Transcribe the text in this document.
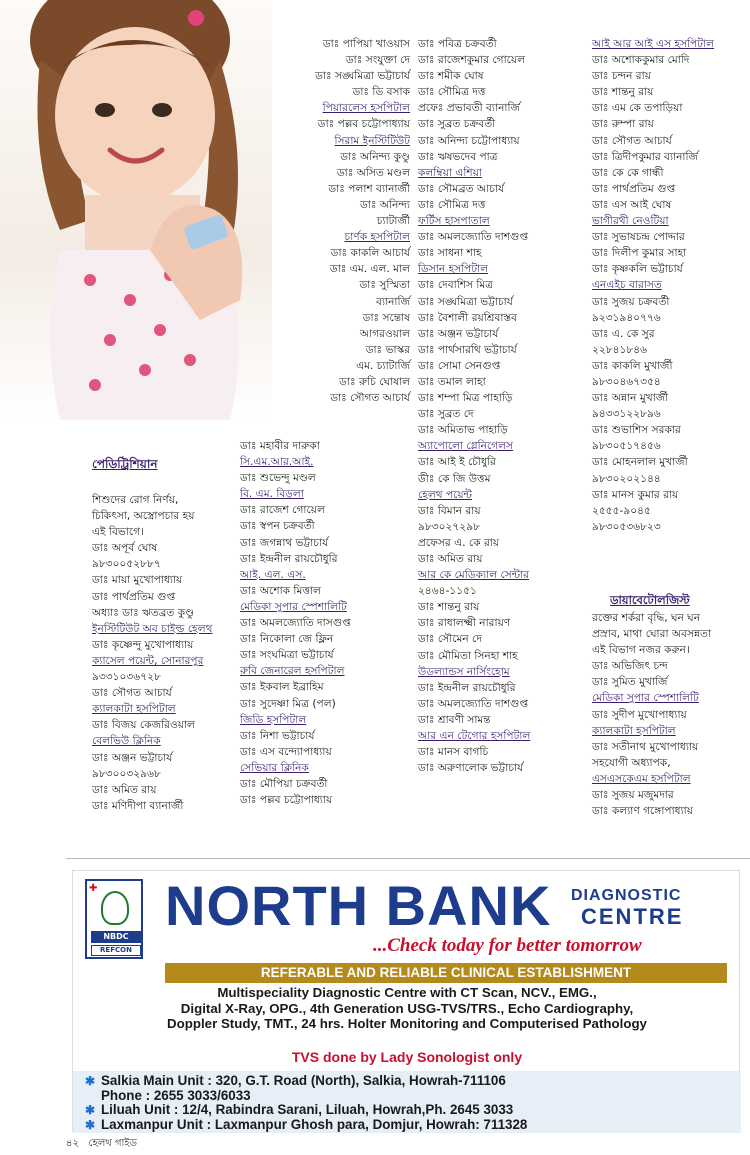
ডাঃ পাপিয়া খাওয়াস
ডাঃ সংযুক্তা দে
ডাঃ সঙ্ঘমিত্রা ভট্টাচার্য
ডাঃ ডি বসাক
পিয়ারলেস হসপিটাল
ডাঃ পল্লব চট্টোপাধ্যায়
সিরাম ইনস্টিটিউট
ডাঃ অনিন্দ্য কুণ্ডু
ডাঃ অসিত মণ্ডল
ডাঃ পলাশ ব্যানার্জী
ডাঃ অনিন্দ্য
চ্যাটার্জী
চার্ণক হসপিটাল
ডাঃ কাকলি আচার্য
ডাঃ এম. এল. মাল
ডাঃ সুস্মিতা
ব্যানার্জি
ডাঃ সন্তোষ
আগরওয়াল
ডাঃ ভাস্কর
এম. চ্যাটার্জি
ডাঃ রুচি ঘোষাল
ডাঃ সৌগত আচার্য
ডাঃ মহাবীর দারুকা
সি.এম.আর.আই.
ডাঃ শুভেন্দু মণ্ডল
বি. এম. বিড়লা
ডাঃ রাজেশ গোয়েল
ডাঃ স্বপন চক্রবর্তী
ডাঃ জগন্নাথ ভট্টাচার্য
ডাঃ ইন্দ্রনীল রায়চৌধুরি
আই. এল. এস.
ডাঃ অশোক মিত্তাল
মেডিকা সুপার স্পেশালিটি
ডাঃ অমলজ্যোতি দাসগুপ্ত
ডাঃ নিকোলা জে ফ্লিন
ডাঃ সংঘমিত্রা ভট্টাচার্য
রুবি জেনারেল হসপিটাল
ডাঃ ইকবাল ইব্রাহিম
ডাঃ সুদেষ্ণা মিত্র (পল)
জিডি হসপিটাল
ডাঃ নিশা ভট্টাচার্য
ডাঃ এস বন্দ্যোপাধ্যায়
সেভিয়ার ক্লিনিক
ডাঃ মৌপিয়া চক্রবর্তী
ডাঃ পল্লব চট্টোপাধ্যায়
ডাঃ পবিত্র চক্রবর্তী
ডাঃ রাজেশকুমার গোয়েল
ডাঃ শমীক ঘোষ
ডাঃ সৌমিত্র দত্ত
প্রফেঃ প্রভাবতী ব্যানার্জি
ডাঃ সুব্রত চক্রবর্তী
ডাঃ অনিন্দ্য চট্টোপাধ্যায়
ডাঃ ঋষভদেব পাত্র
কলম্বিয়া এশিয়া
ডাঃ সৌমব্রত আচার্য
ডাঃ সৌমিত্র দত্ত
ফর্টিস হাসপাতাল
ডাঃ অমলজ্যোতি দাশগুপ্ত
ডাঃ সাধনা শাহ
ডিসান হসপিটাল
ডাঃ দেবাশিস মিত্র
ডাঃ সঙ্ঘমিত্রা ভট্টাচার্য
ডাঃ বৈশালী রয়শ্রিবাস্তব
ডাঃ অঞ্জন ভট্টাচার্য
ডাঃ পার্থসারথি ভট্টাচার্য
ডাঃ সোমা সেনগুপ্ত
ডাঃ তমাল লাহা
ডাঃ শম্পা মিত্র পাহাড়ি
ডাঃ সুব্রত দে
ডাঃ অমিতাভ পাহাড়ি
অ্যাপোলো গ্লেনিগেলস
ডাঃ আই ই চৌধুরি
ডীঃ কে জি উত্তম
হেলথ পয়েন্ট
ডাঃ বিমান রায়
৯৮৩০২৭২৯৮
প্রফেসর এ. কে রায়
ডাঃ অমিত রায়
আর কে মেডিক্যাল সেন্টার
২৪৬৪-১১৫১
ডাঃ শান্তনু রায়
ডাঃ রাধালক্ষ্মী নারায়ণ
ডাঃ সৌমেন দে
ডাঃ মৌমিতা সিনহা শাহ
উডল্যান্ডস নার্সিংহোম
ডাঃ ইন্দ্রনীল রায়চৌধুরি
ডাঃ অমলজ্যোতি দাশগুপ্ত
ডাঃ শ্রাবণী সামন্ত
আর এন টেগোর হসপিটাল
ডাঃ মানস বাগচি
ডাঃ অরুণালোক ভট্টাচার্য
আই আর আই এস হসপিটাল
ডাঃ অশোককুমার মোদি
ডাঃ চন্দন রায়
ডাঃ শান্তনু রায়
ডাঃ এম কে তপাড়িয়া
ডাঃ রুম্পা রায়
ডাঃ সৌগত আচার্য
ডাঃ ত্রিদীপকুমার ব্যানার্জি
ডাঃ কে কে গান্ধী
ডাঃ পার্থপ্রতিম গুপ্ত
ডাঃ এস আই ঘোষ
ভাগীরথী নেওটিয়া
ডাঃ সুভাষচন্দ্র পোদ্দার
ডাঃ দিলীপ কুমার সাহা
ডাঃ কৃষ্ণকলি ভট্টাচার্য
এনএইচ বারাসত
ডাঃ সুজয় চক্রবর্তী
৯২৩১৯৪০৭৭৬
ডাঃ এ. কে সুর
২২৮৪১৮৪৬
ডাঃ কাকলি মুখার্জী
৯৮৩০৪৬৭৩৫৪
ডাঃ অন্নান মুখার্জী
৯৪৩৩১২২৮৯৬
ডাঃ শুভাশিস সরকার
৯৮৩০৫১৭৪৫৬
ডাঃ মোহনলাল মুখার্জী
৯৮৩০২০২১৪৪
ডাঃ মানস কুমার রায়
২৫৫৫-৯০৪৫
৯৮৩০৫৩৬৮২৩
পেডিট্রিশিয়ান
শিশুদের রোগ নির্ণয়,
চিকিৎসা, অস্ত্রোপচার হয়
এই বিভাগে।
ডাঃ অপূর্ব ঘোষ
৯৮৩০০৫২৮৮৭
ডাঃ মায়া মুখোপাধ্যায়
ডাঃ পার্থপ্রতিম গুপ্ত
অধ্যাঃ ডাঃ ঋতব্রত কুণ্ডু
ইনস্টিটিউট অব চাইল্ড হেলথ
ডাঃ কৃষ্ণেন্দু মুখোপাধ্যায়
ক্যাসেল পয়েন্ট, সোনারপুর
৯৩৩১০৩৬৭২৮
ডাঃ সৌগত আচার্য
ক্যালকাটা হসপিটাল
ডাঃ বিজয় কেজরিওয়াল
বেলভিউ ক্লিনিক
ডাঃ অঞ্জন ভট্টাচার্য
৯৮৩০০৩২৯৬৮
ডাঃ অমিত রায়
ডাঃ মণিদীপা ব্যানার্জী
ডায়াবেটোলজিস্ট
রক্তের শর্করা বৃদ্ধি, ঘন ঘন
প্রস্রাব, মাথা ঘোরা অবসন্নতা
এই বিভাগ নজর করুন।
ডাঃ অভিজিৎ চন্দ
ডাঃ সুমিত মুখার্জি
মেডিকা সুপার স্পেশালিটি
ডাঃ সুদীপ মুখোপাধ্যায়
ক্যালকাটা হসপিটাল
ডাঃ সতীনাথ মুখোপাধ্যায়
সহযোগী অধ্যাপক,
এসএসকেএম হসপিটাল
ডাঃ সুজয় মজুমদার
ডাঃ কল্যাণ গঙ্গোপাধ্যায়
✚
NBDC
REFCON
NORTH BANK DIAGNOSTIC
CENTRE
...Check today for better tomorrow
REFERABLE AND RELIABLE CLINICAL ESTABLISHMENT
Multispeciality Diagnostic Centre with CT Scan, NCV., EMG.,
Digital X-Ray, OPG., 4th Generation USG-TVS/TRS., Echo Cardiography,
Doppler Study, TMT., 24 hrs. Holter Monitoring and Computerised Pathology
TVS done by Lady Sonologist only
✱ Salkia Main Unit : 320, G.T. Road (North), Salkia, Howrah-711106
Phone : 2655 3033/6033
✱ Liluah Unit : 12/4, Rabindra Sarani, Liluah, Howrah,Ph. 2645 3033
✱ Laxmanpur Unit : Laxmanpur Ghosh para, Domjur, Howrah: 711328
৪২ হেলথ গাইড
